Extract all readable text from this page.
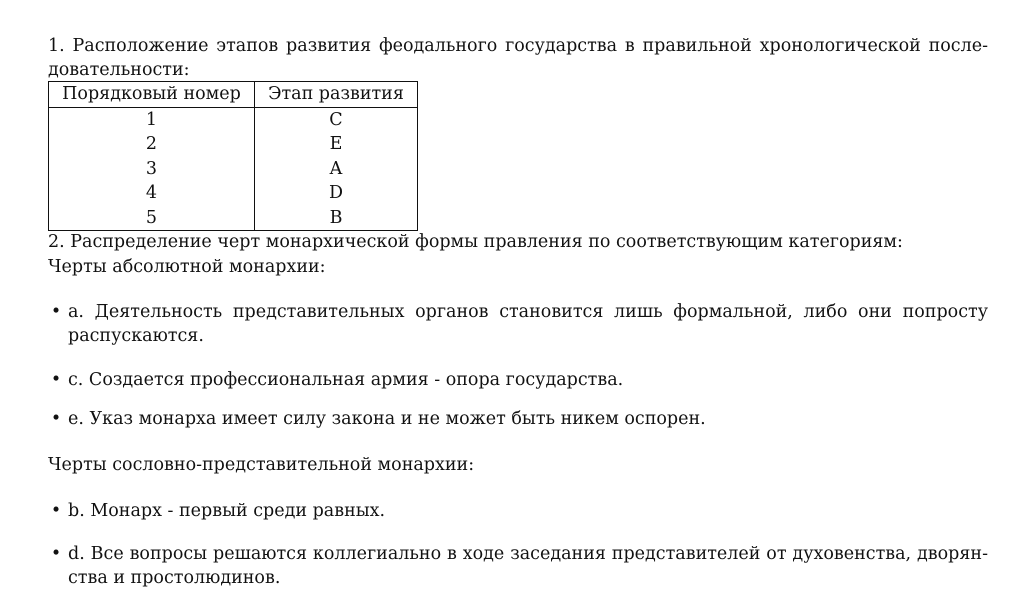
1. Расположение этапов развития феодального государства в правильной хронологической после-
довательности:
Порядковый номер	Этап развития
1	C
2	E
3	A
4	D
5	B
2. Распределение черт монархической формы правления по соответствующим категориям:
Черты абсолютной монархии:
• a. Деятельность представительных органов становится лишь формальной, либо они попросту
распускаются.
• c. Создается профессиональная армия - опора государства.
• e. Указ монарха имеет силу закона и не может быть никем оспорен.
Черты сословно-представительной монархии:
• b. Монарх - первый среди равных.
• d. Все вопросы решаются коллегиально в ходе заседания представителей от духовенства, дворян-
ства и простолюдинов.
